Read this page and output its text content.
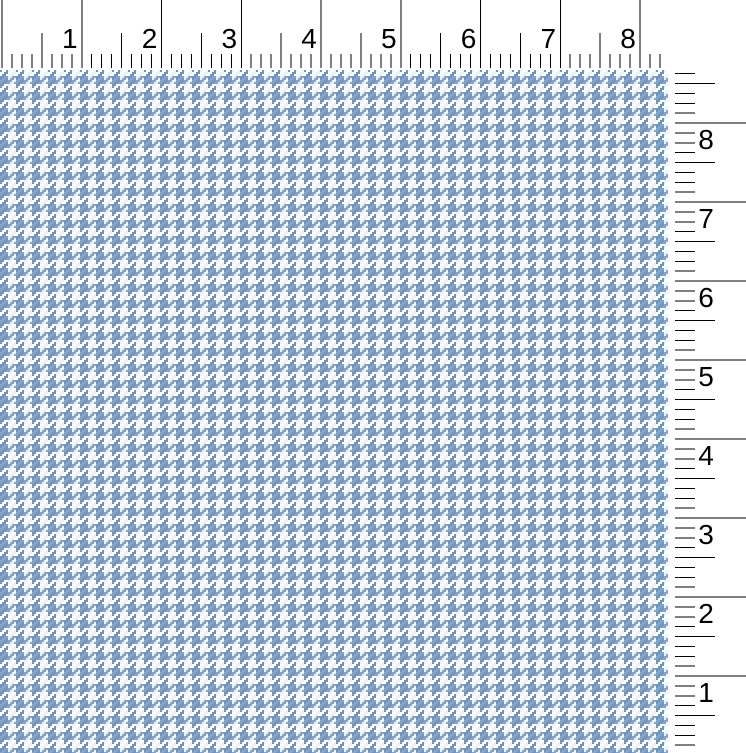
1 2 3 4 5 6 7 8
1
2
3
4
5
6
7
8
